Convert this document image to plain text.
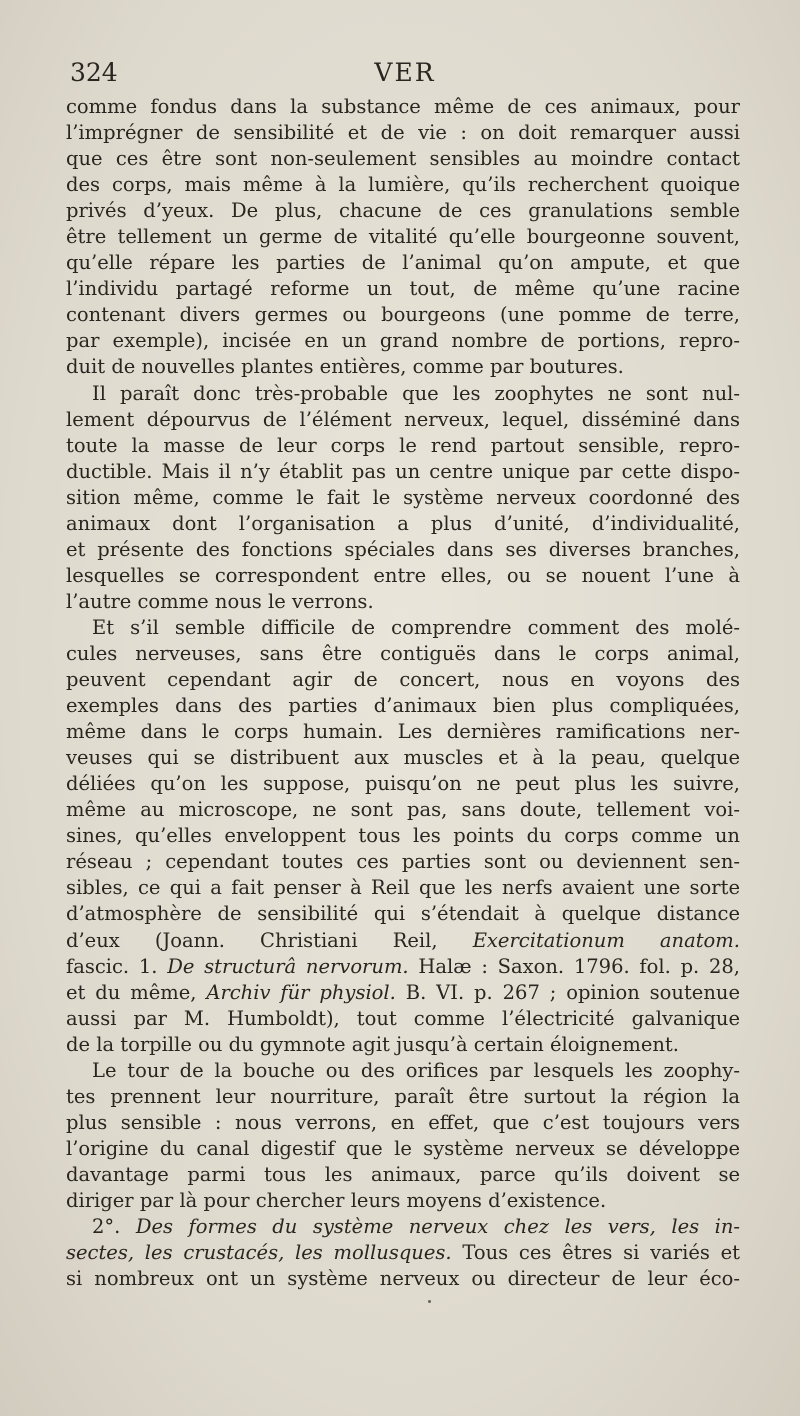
324	VER
comme fondus dans la substance même de ces animaux, pour
l’imprégner de sensibilité et de vie : on doit remarquer aussi
que ces être sont non-seulement sensibles au moindre contact
des corps, mais même à la lumière, qu’ils recherchent quoique
privés d’yeux. De plus, chacune de ces granulations semble
être tellement un germe de vitalité qu’elle bourgeonne souvent,
qu’elle répare les parties de l’animal qu’on ampute, et que
l’individu partagé reforme un tout, de même qu’une racine
contenant divers germes ou bourgeons (une pomme de terre,
par exemple), incisée en un grand nombre de portions, repro-
duit de nouvelles plantes entières, comme par boutures.
Il paraît donc très-probable que les zoophytes ne sont nul-
lement dépourvus de l’élément nerveux, lequel, disséminé dans
toute la masse de leur corps le rend partout sensible, repro-
ductible. Mais il n’y établit pas un centre unique par cette dispo-
sition même, comme le fait le système nerveux coordonné des
animaux dont l’organisation a plus d’unité, d’individualité,
et présente des fonctions spéciales dans ses diverses branches,
lesquelles se correspondent entre elles, ou se nouent l’une à
l’autre comme nous le verrons.
Et s’il semble difficile de comprendre comment des molé-
cules nerveuses, sans être contiguës dans le corps animal,
peuvent cependant agir de concert, nous en voyons des
exemples dans des parties d’animaux bien plus compliquées,
même dans le corps humain. Les dernières ramifications ner-
veuses qui se distribuent aux muscles et à la peau, quelque
déliées qu’on les suppose, puisqu’on ne peut plus les suivre,
même au microscope, ne sont pas, sans doute, tellement voi-
sines, qu’elles enveloppent tous les points du corps comme un
réseau ; cependant toutes ces parties sont ou deviennent sen-
sibles, ce qui a fait penser à Reil que les nerfs avaient une sorte
d’atmosphère de sensibilité qui s’étendait à quelque distance
d’eux (Joann. Christiani Reil, Exercitationum anatom.
fascic. 1. De structurâ nervorum. Halæ : Saxon. 1796. fol. p. 28,
et du même, Archiv für physiol. B. VI. p. 267 ; opinion soutenue
aussi par M. Humboldt), tout comme l’électricité galvanique
de la torpille ou du gymnote agit jusqu’à certain éloignement.
Le tour de la bouche ou des orifices par lesquels les zoophy-
tes prennent leur nourriture, paraît être surtout la région la
plus sensible : nous verrons, en effet, que c’est toujours vers
l’origine du canal digestif que le système nerveux se développe
davantage parmi tous les animaux, parce qu’ils doivent se
diriger par là pour chercher leurs moyens d’existence.
2°. Des formes du système nerveux chez les vers, les in-
sectes, les crustacés, les mollusques. Tous ces êtres si variés et
si nombreux ont un système nerveux ou directeur de leur éco-
